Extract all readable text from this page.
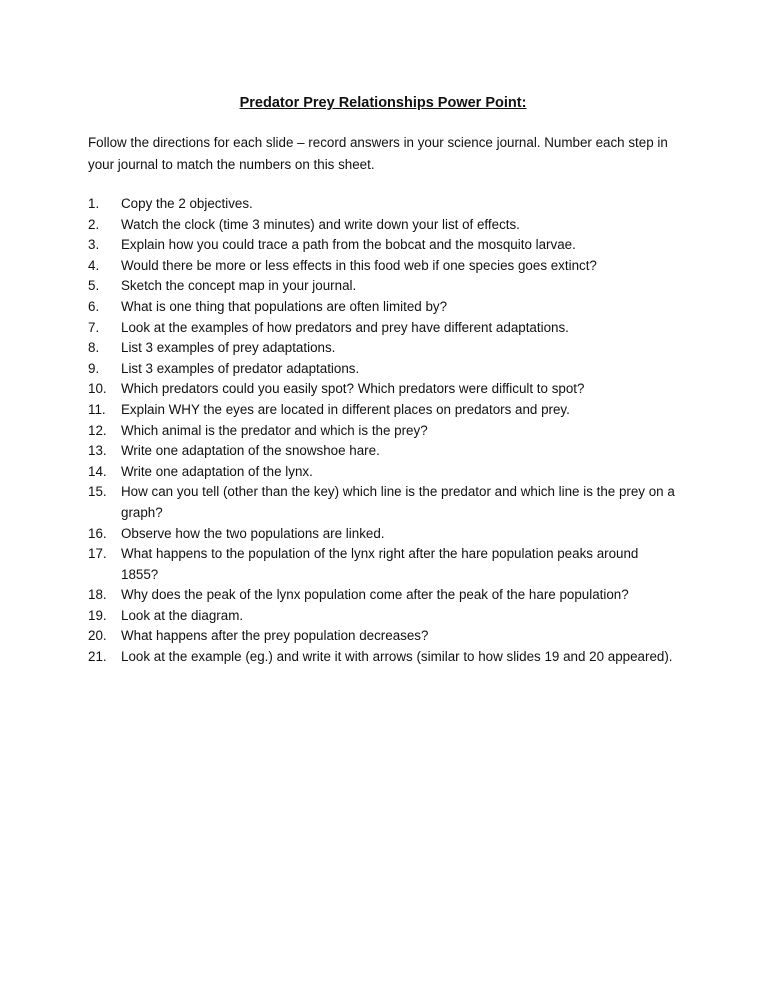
Predator Prey Relationships Power Point:

Follow the directions for each slide – record answers in your science journal. Number each step in your journal to match the numbers on this sheet.

1.	Copy the 2 objectives.
2.	Watch the clock (time 3 minutes) and write down your list of effects.
3.	Explain how you could trace a path from the bobcat and the mosquito larvae.
4.	Would there be more or less effects in this food web if one species goes extinct?
5.	Sketch the concept map in your journal.
6.	What is one thing that populations are often limited by?
7.	Look at the examples of how predators and prey have different adaptations.
8.	List 3 examples of prey adaptations.
9.	List 3 examples of predator adaptations.
10.	Which predators could you easily spot? Which predators were difficult to spot?
11.	Explain WHY the eyes are located in different places on predators and prey.
12.	Which animal is the predator and which is the prey?
13.	Write one adaptation of the snowshoe hare.
14.	Write one adaptation of the lynx.
15.	How can you tell (other than the key) which line is the predator and which line is the prey on a graph?
16.	Observe how the two populations are linked.
17.	What happens to the population of the lynx right after the hare population peaks around 1855?
18.	Why does the peak of the lynx population come after the peak of the hare population?
19.	Look at the diagram.
20.	What happens after the prey population decreases?
21.	Look at the example (eg.) and write it with arrows (similar to how slides 19 and 20 appeared).
